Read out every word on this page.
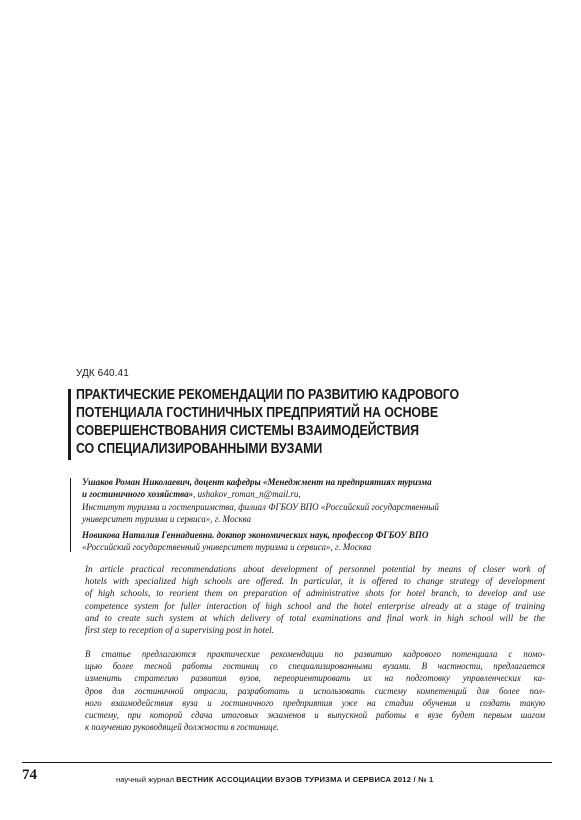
УДК 640.41
ПРАКТИЧЕСКИЕ РЕКОМЕНДАЦИИ ПО РАЗВИТИЮ КАДРОВОГО
ПОТЕНЦИАЛА ГОСТИНИЧНЫХ ПРЕДПРИЯТИЙ НА ОСНОВЕ
СОВЕРШЕНСТВОВАНИЯ СИСТЕМЫ ВЗАИМОДЕЙСТВИЯ
СО СПЕЦИАЛИЗИРОВАННЫМИ ВУЗАМИ
Ушаков Роман Николаевич, доцент кафедры «Менеджмент на предприятиях туризма
и гостиничного хозяйства», ushakov_roman_n@mail.ru,
Институт туризма и гостеприимства, филиал ФГБОУ ВПО «Российский государственный
университет туризма и сервиса», г. Москва
Новикова Наталия Геннадиевна. доктор экономических наук, профессор ФГБОУ ВПО
«Российский государственный университет туризма и сервиса», г. Москва
In article practical recommendations about development of personnel potential by means of closer work of
hotels with specialized high schools are offered. In particular, it is offered to change strategy of development
of high schools, to reorient them on preparation of administrative shots for hotel branch, to develop and use
competence system for fuller interaction of high school and the hotel enterprise already at a stage of training
and to create such system at which delivery of total examinations and final work in high school will be the
first step to reception of a supervising post in hotel.
В статье предлагаются практические рекомендации по развитию кадрового потенциала с помо-
щью более тесной работы гостиниц со специализированными вузами. В частности, предлагается
изменить стратегию развития вузов, переориентировать их на подготовку управленческих ка-
дров для гостиничной отрасли, разработать и использовать систему компетенций для более пол-
ного взаимодействия вуза и гостиничного предприятия уже на стадии обучения и создать такую
систему, при которой сдача итоговых экзаменов и выпускной работы в вузе будет первым шагом
к получению руководящей должности в гостинице.
74	научный журнал ВЕСТНИК АССОЦИАЦИИ ВУЗОВ ТУРИЗМА И СЕРВИСА 2012 / № 1
